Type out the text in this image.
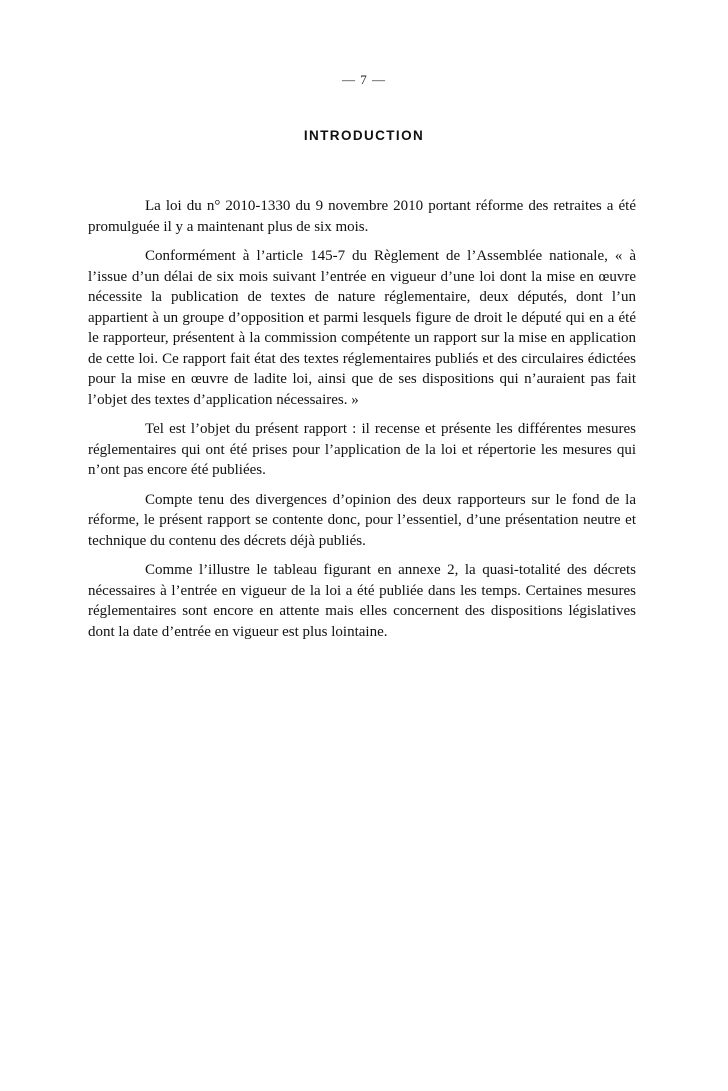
— 7 —
INTRODUCTION

La loi du n° 2010-1330 du 9 novembre 2010 portant réforme des retraites a été promulguée il y a maintenant plus de six mois.

Conformément à l’article 145-7 du Règlement de l’Assemblée nationale, « à l’issue d’un délai de six mois suivant l’entrée en vigueur d’une loi dont la mise en œuvre nécessite la publication de textes de nature réglementaire, deux députés, dont l’un appartient à un groupe d’opposition et parmi lesquels figure de droit le député qui en a été le rapporteur, présentent à la commission compétente un rapport sur la mise en application de cette loi. Ce rapport fait état des textes réglementaires publiés et des circulaires édictées pour la mise en œuvre de ladite loi, ainsi que de ses dispositions qui n’auraient pas fait l’objet des textes d’application nécessaires. »

Tel est l’objet du présent rapport : il recense et présente les différentes mesures réglementaires qui ont été prises pour l’application de la loi et répertorie les mesures qui n’ont pas encore été publiées.

Compte tenu des divergences d’opinion des deux rapporteurs sur le fond de la réforme, le présent rapport se contente donc, pour l’essentiel, d’une présentation neutre et technique du contenu des décrets déjà publiés.

Comme l’illustre le tableau figurant en annexe 2, la quasi-totalité des décrets nécessaires à l’entrée en vigueur de la loi a été publiée dans les temps. Certaines mesures réglementaires sont encore en attente mais elles concernent des dispositions législatives dont la date d’entrée en vigueur est plus lointaine.
